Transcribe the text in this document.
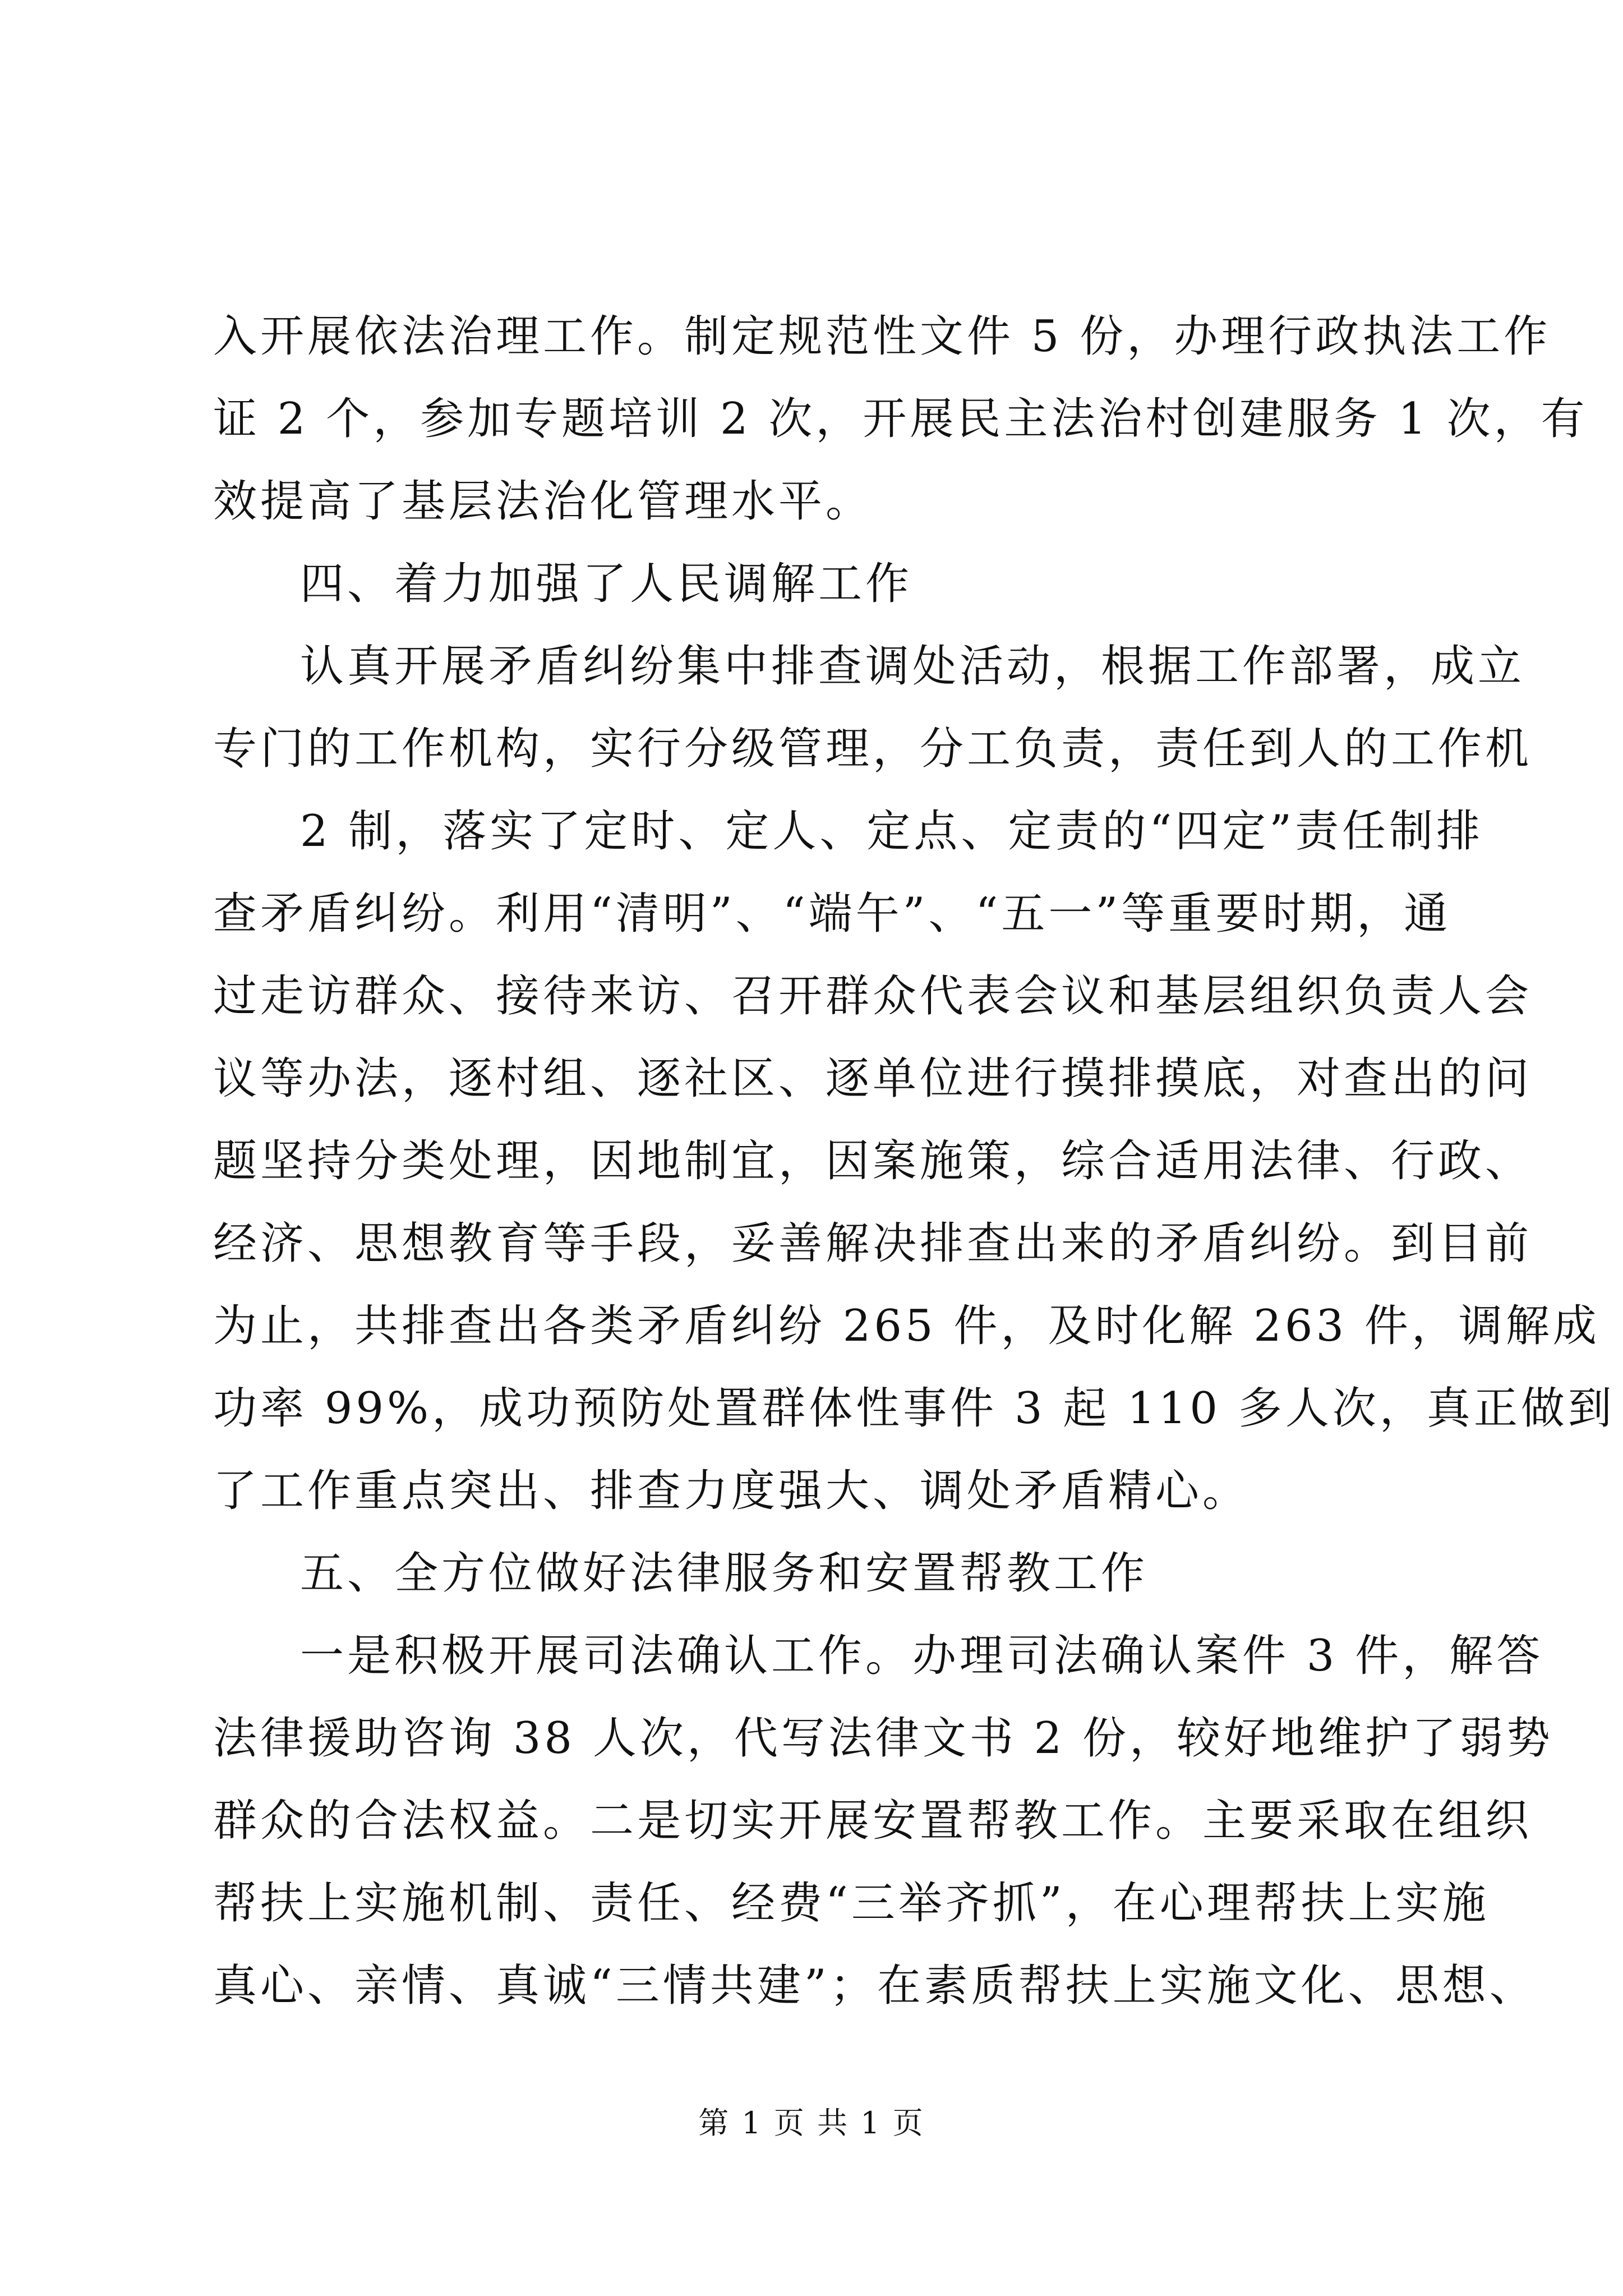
入开展依法治理工作。制定规范性文件 5 份，办理行政执法工作
证 2 个，参加专题培训 2 次，开展民主法治村创建服务 1 次，有
效提高了基层法治化管理水平。
四、着力加强了人民调解工作
认真开展矛盾纠纷集中排查调处活动，根据工作部署，成立
专门的工作机构，实行分级管理，分工负责，责任到人的工作机
2 制，落实了定时、定人、定点、定责的“四定”责任制排
查矛盾纠纷。利用“清明”、“端午”、“五一”等重要时期，通
过走访群众、接待来访、召开群众代表会议和基层组织负责人会
议等办法，逐村组、逐社区、逐单位进行摸排摸底，对查出的问
题坚持分类处理，因地制宜，因案施策，综合适用法律、行政、
经济、思想教育等手段，妥善解决排查出来的矛盾纠纷。到目前
为止，共排查出各类矛盾纠纷 265 件，及时化解 263 件，调解成
功率 99%，成功预防处置群体性事件 3 起 110 多人次，真正做到
了工作重点突出、排查力度强大、调处矛盾精心。
五、全方位做好法律服务和安置帮教工作
一是积极开展司法确认工作。办理司法确认案件 3 件，解答
法律援助咨询 38 人次，代写法律文书 2 份，较好地维护了弱势
群众的合法权益。二是切实开展安置帮教工作。主要采取在组织
帮扶上实施机制、责任、经费“三举齐抓”，在心理帮扶上实施
真心、亲情、真诚“三情共建”；在素质帮扶上实施文化、思想、
第 1 页 共 1 页
